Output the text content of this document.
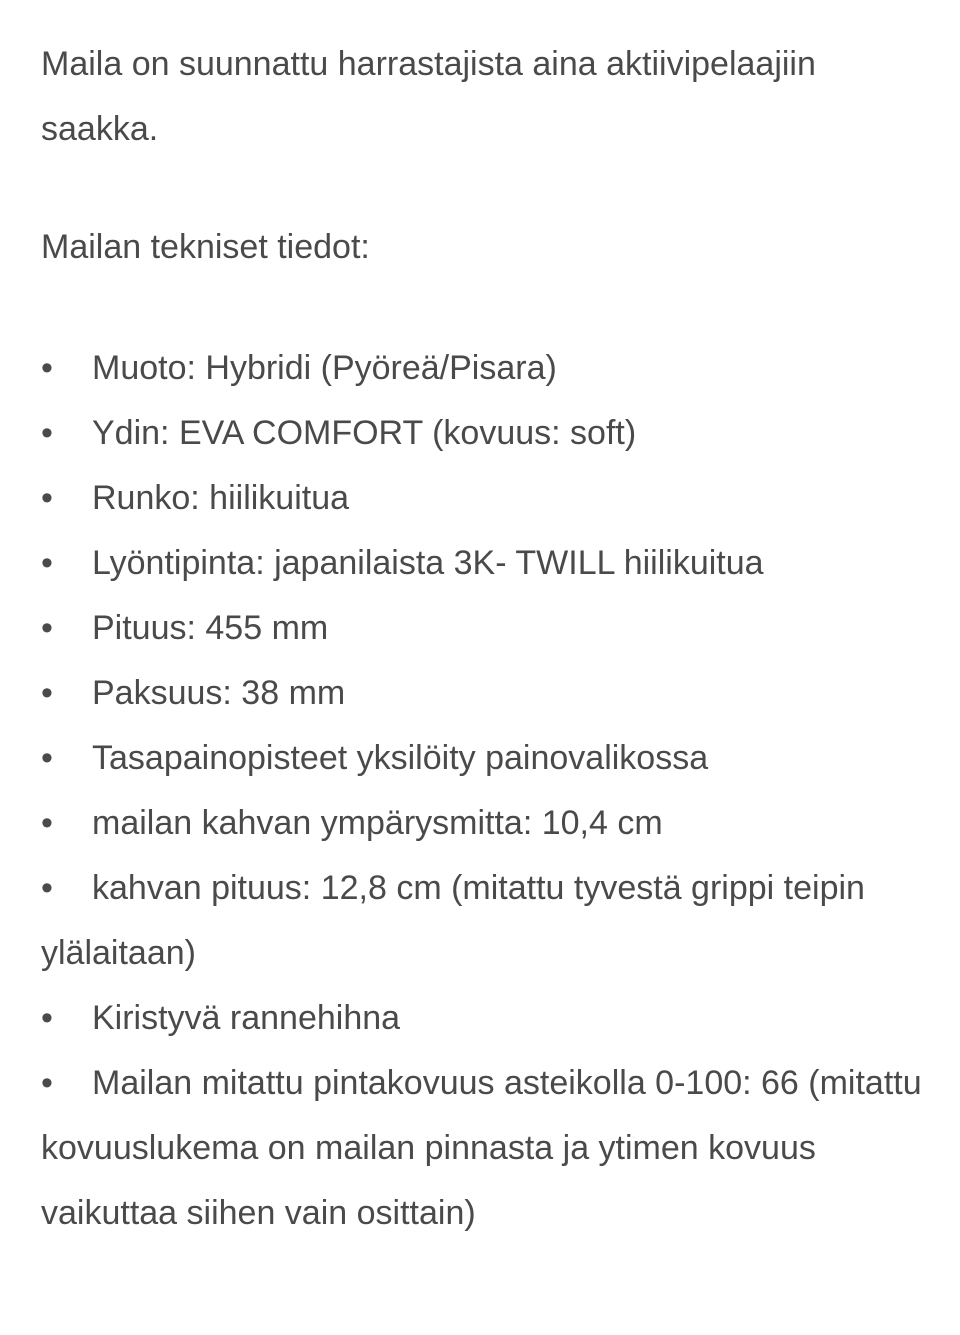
Maila on suunnattu harrastajista aina aktiivipelaajiin saakka.

Mailan tekniset tiedot:

• Muoto: Hybridi (Pyöreä/Pisara)
• Ydin: EVA COMFORT (kovuus: soft)
• Runko: hiilikuitua
• Lyöntipinta: japanilaista 3K- TWILL hiilikuitua
• Pituus: 455 mm
• Paksuus: 38 mm
• Tasapainopisteet yksilöity painovalikossa
• mailan kahvan ympärysmitta: 10,4 cm
• kahvan pituus: 12,8 cm (mitattu tyvestä grippi teipin ylälaitaan)
• Kiristyvä rannehihna
• Mailan mitattu pintakovuus asteikolla 0-100: 66 (mitattu kovuuslukema on mailan pinnasta ja ytimen kovuus vaikuttaa siihen vain osittain)
